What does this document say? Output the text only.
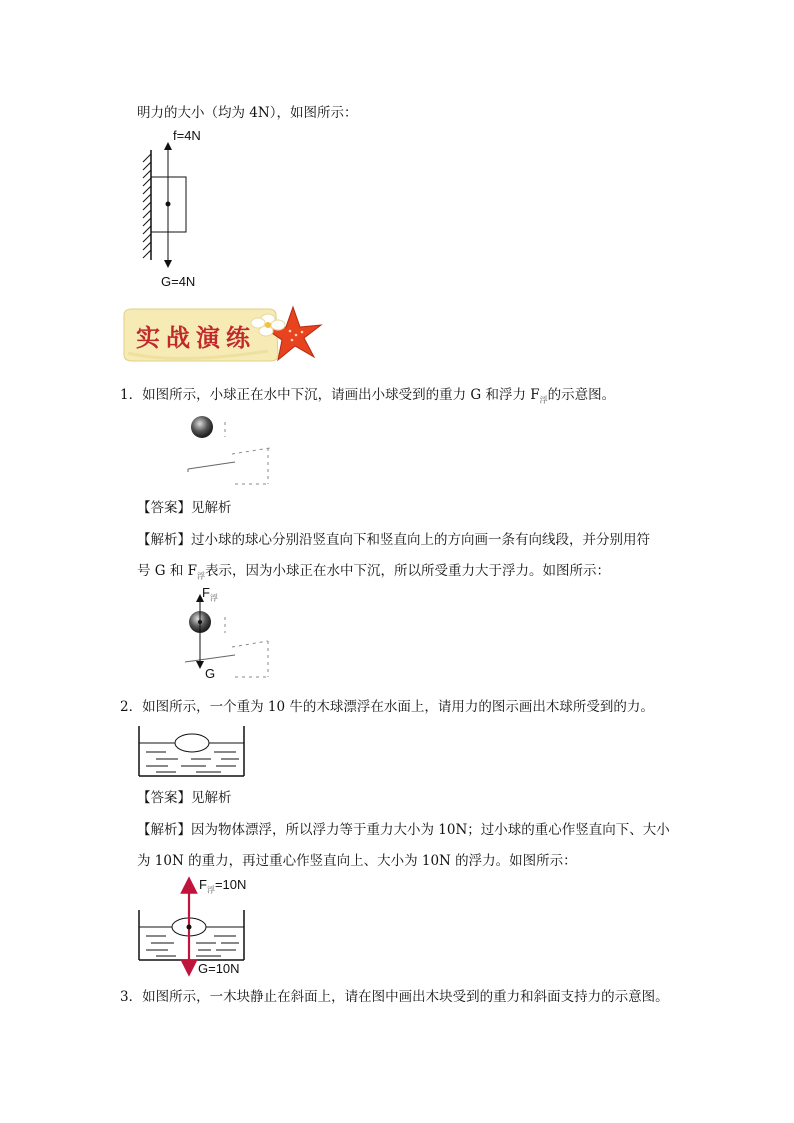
明力的大小（均为 4N），如图所示：
f=4N
G=4N
实战演练
1．如图所示，小球正在水中下沉，请画出小球受到的重力 G 和浮力 $F_浮$的示意图。
【答案】见解析
【解析】过小球的球心分别沿竖直向下和竖直向上的方向画一条有向线段，并分别用符
号 G 和 $F_浮$表示，因为小球正在水中下沉，所以所受重力大于浮力。如图所示：
$F_浮$
G
2．如图所示，一个重为 10 牛的木球漂浮在水面上，请用力的图示画出木球所受到的力。
【答案】见解析
【解析】因为物体漂浮，所以浮力等于重力大小为 10N；过小球的重心作竖直向下、大小
为 10N 的重力，再过重心作竖直向上、大小为 10N 的浮力。如图所示：
$F_浮=10N$
G=10N
3．如图所示，一木块静止在斜面上，请在图中画出木块受到的重力和斜面支持力的示意图。
